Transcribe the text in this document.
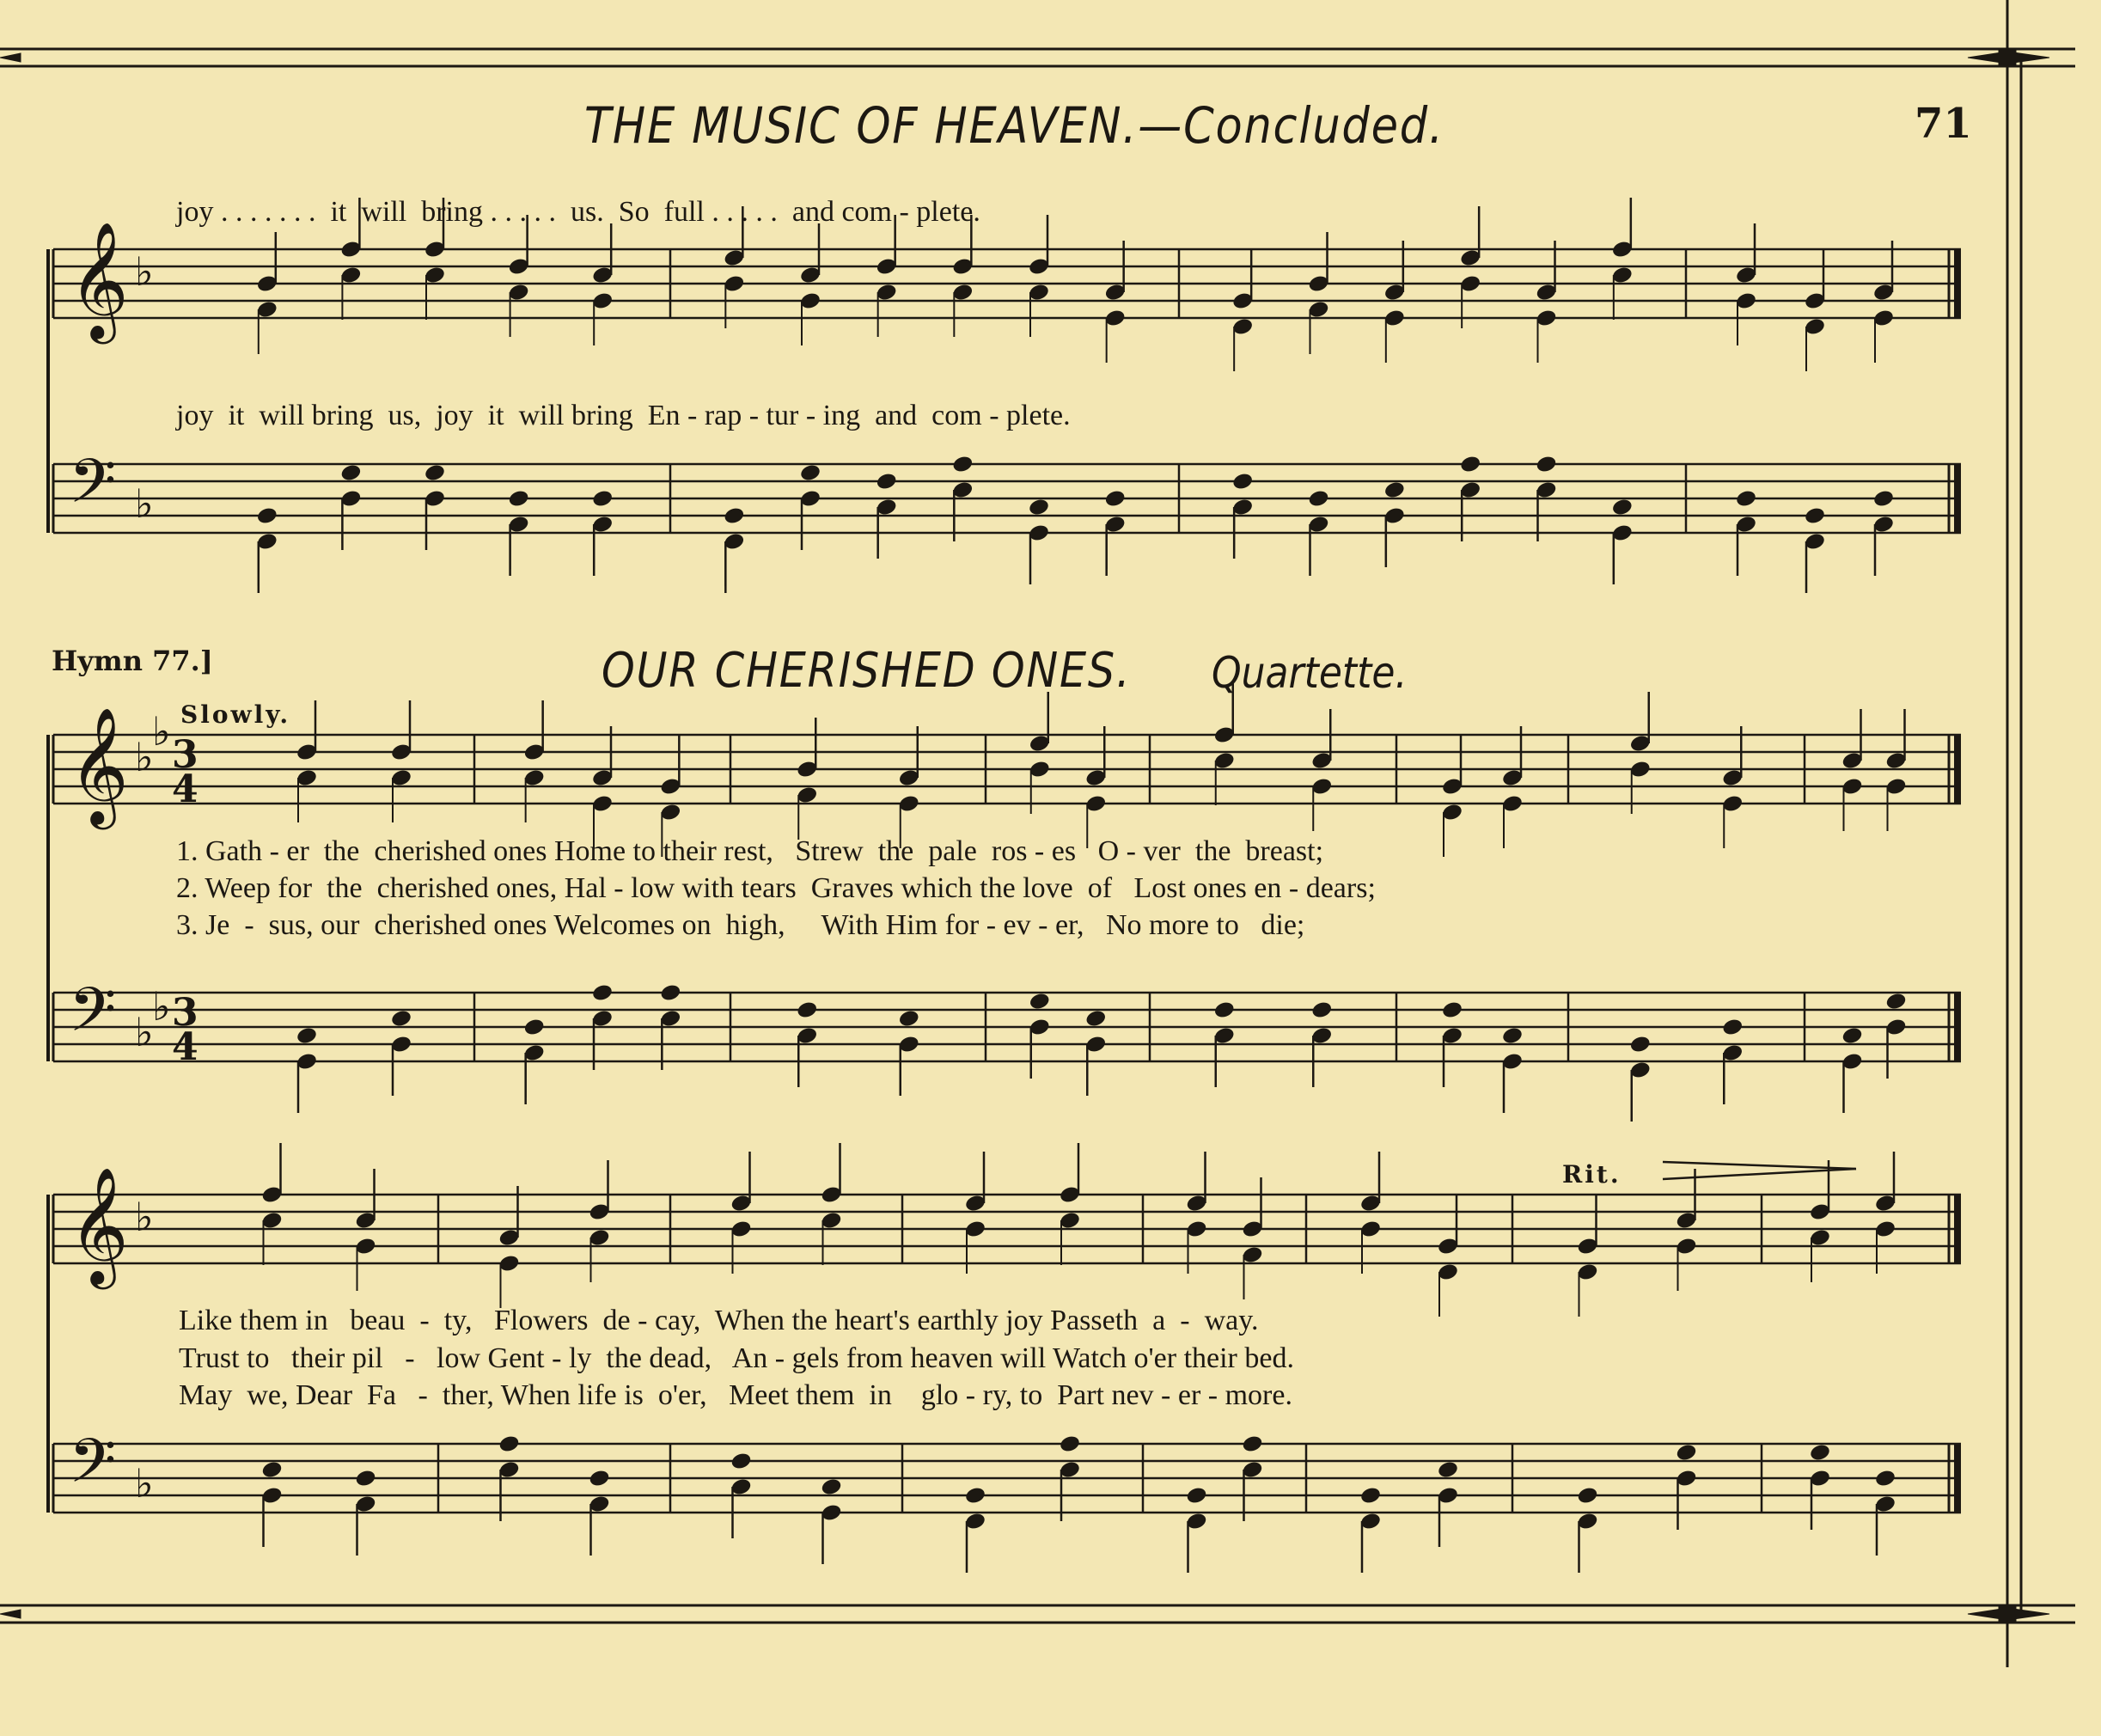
𝄞 ♭
𝄢 ♭
𝄞 ♭
♭
3
4
𝄢 ♭
♭ 3
4
𝄞 ♭
𝄢 ♭
71
THE MUSIC OF HEAVEN.—Concluded.
joy . . . . . . .  it  will  bring . . . . .  us.  So  full . . . . .  and com - plete.
joy  it  will bring  us,  joy  it  will bring  En - rap - tur - ing  and  com - plete.
Hymn 77.]	OUR CHERISHED ONES. Quartette.
Slowly.
1. Gath - er  the  cherished ones Home to their rest,   Strew  the  pale  ros - es   O - ver  the  breast;
2. Weep for  the  cherished ones, Hal - low with tears  Graves which the love  of   Lost ones en - dears;
3. Je  -  sus, our  cherished ones Welcomes on  high,     With Him for - ev - er,   No more to   die;
Rit.
Like them in   beau  -  ty,   Flowers  de - cay,  When the heart's earthly joy Passeth  a  -  way.
Trust to   their pil   -   low Gent - ly  the dead,   An - gels from heaven will Watch o'er their bed.
May  we, Dear  Fa   -  ther, When life is  o'er,   Meet them  in    glo - ry, to  Part nev - er - more.
